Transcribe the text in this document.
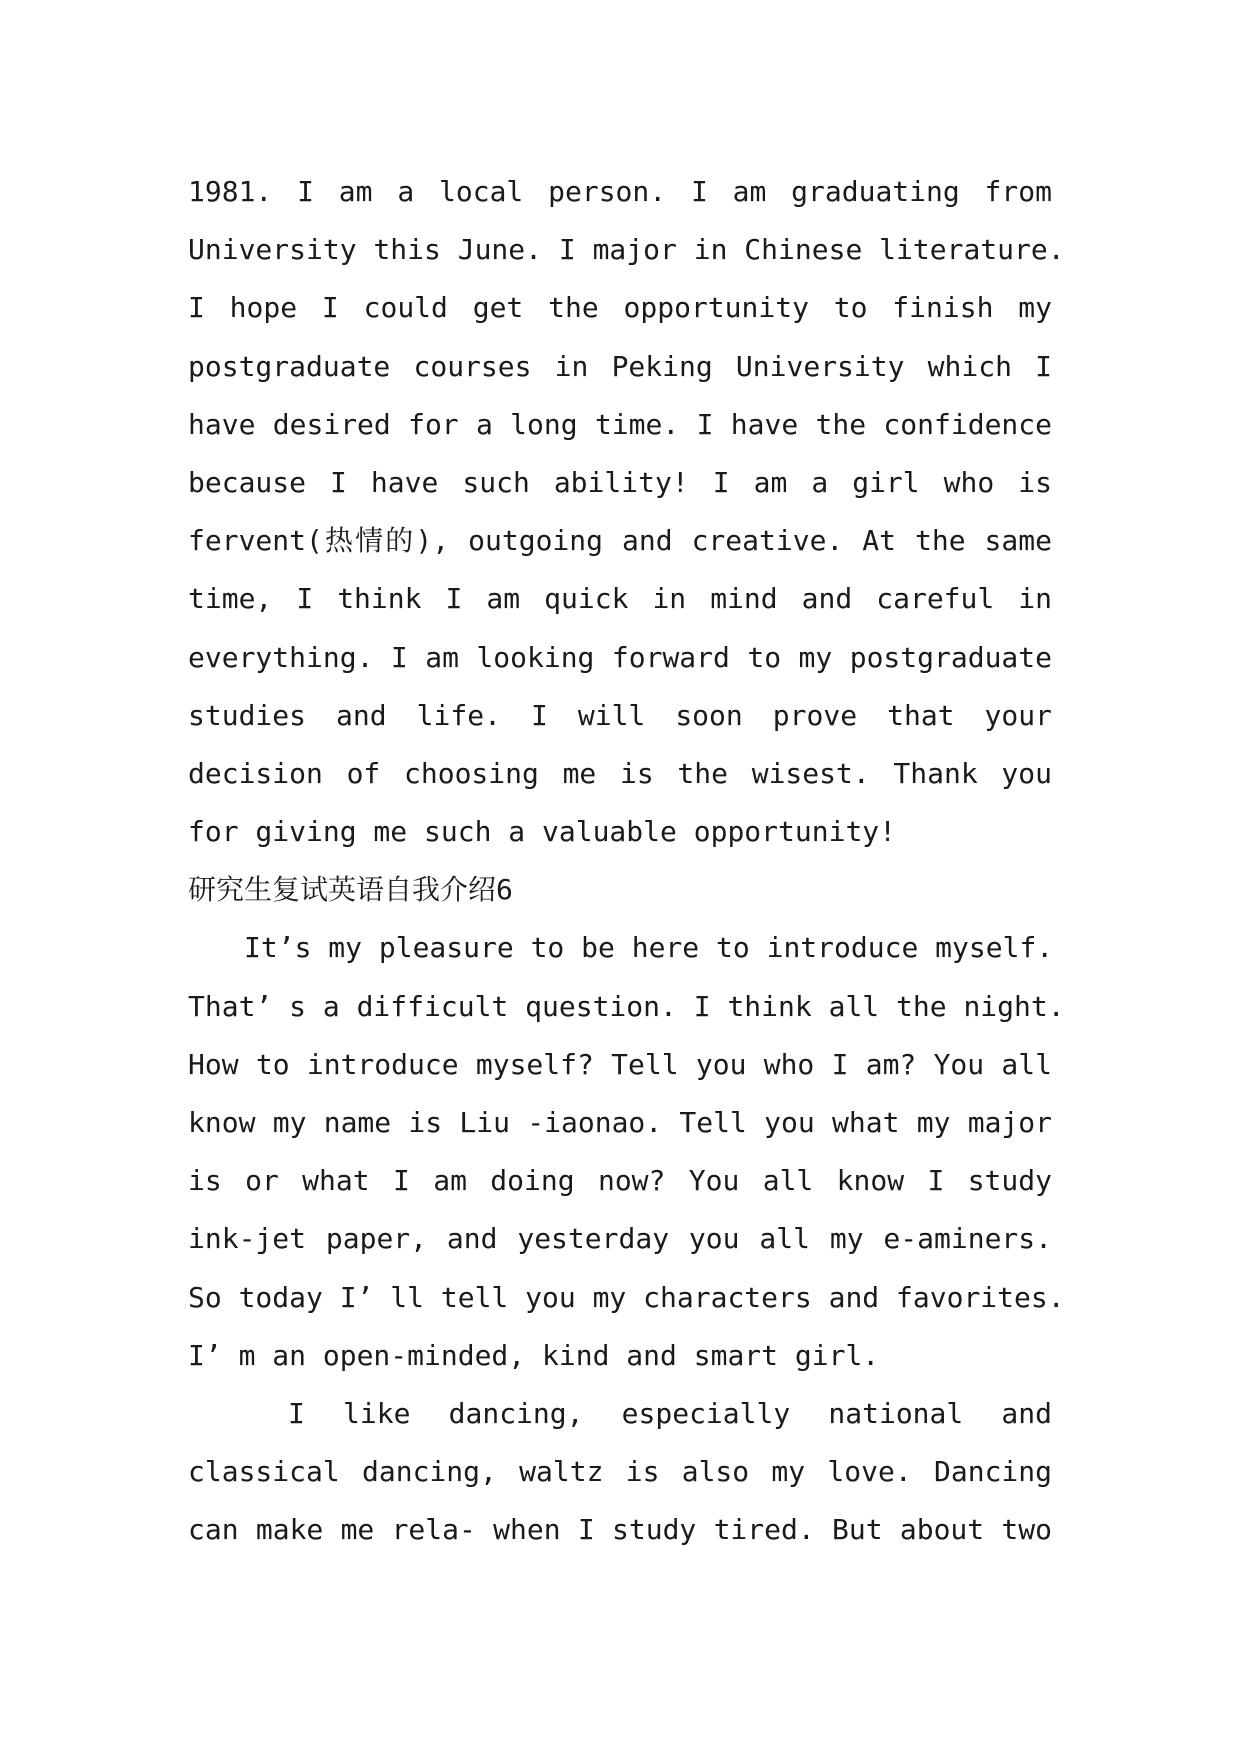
1981. I am a local person. I am graduating from
University this June. I major in Chinese literature.
I hope I could get the opportunity to finish my
postgraduate courses in Peking University which I
have desired for a long time. I have the confidence
because I have such ability! I am a girl who is
fervent(热情的), outgoing and creative. At the same
time, I think I am quick in mind and careful in
everything. I am looking forward to my postgraduate
studies and life. I will soon prove that your
decision of choosing me is the wisest. Thank you
for giving me such a valuable opportunity!
研究生复试英语自我介绍6
It’s my pleasure to be here to introduce myself.
That’ s a difficult question. I think all the night.
How to introduce myself? Tell you who I am? You all
know my name is Liu -iaonao. Tell you what my major
is or what I am doing now? You all know I study
ink-jet paper, and yesterday you all my e-aminers.
So today I’ ll tell you my characters and favorites.
I’ m an open-minded, kind and smart girl.
I like dancing, especially national and
classical dancing, waltz is also my love. Dancing
can make me rela- when I study tired. But about two
